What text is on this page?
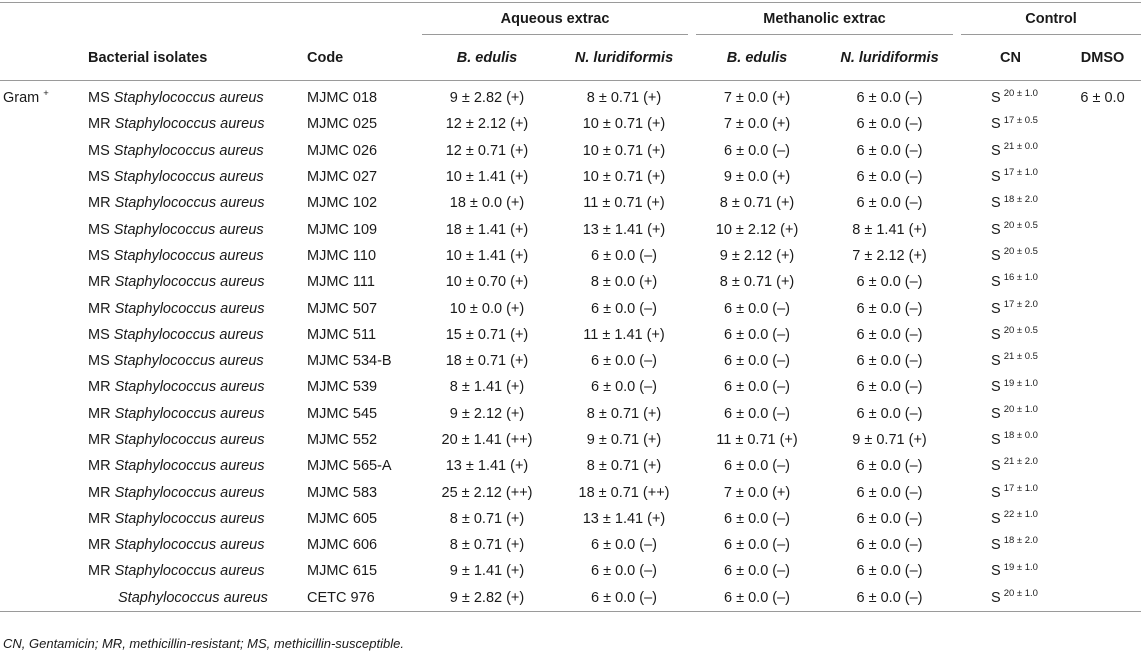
			Aqueous extrac		Methanolic extrac		Control	

	Bacterial isolates	Code	B. edulis	N. luridiformis	B. edulis	N. luridiformis	CN	DMSO
Gram +	MS Staphylococcus aureus	MJMC 018	9 ± 2.82 (+)	8 ± 0.71 (+)	7 ± 0.0 (+)	6 ± 0.0 (–)	S $^{20 \pm 1.0}$	6 ± 0.0
	MR Staphylococcus aureus	MJMC 025	12 ± 2.12 (+)	10 ± 0.71 (+)	7 ± 0.0 (+)	6 ± 0.0 (–)	S $^{17 \pm 0.5}$	
	MS Staphylococcus aureus	MJMC 026	12 ± 0.71 (+)	10 ± 0.71 (+)	6 ± 0.0 (–)	6 ± 0.0 (–)	S $^{21 \pm 0.0}$	
	MS Staphylococcus aureus	MJMC 027	10 ± 1.41 (+)	10 ± 0.71 (+)	9 ± 0.0 (+)	6 ± 0.0 (–)	S $^{17 \pm 1.0}$	
	MR Staphylococcus aureus	MJMC 102	18 ± 0.0 (+)	11 ± 0.71 (+)	8 ± 0.71 (+)	6 ± 0.0 (–)	S $^{18 \pm 2.0}$	
	MS Staphylococcus aureus	MJMC 109	18 ± 1.41 (+)	13 ± 1.41 (+)	10 ± 2.12 (+)	8 ± 1.41 (+)	S $^{20 \pm 0.5}$	
	MS Staphylococcus aureus	MJMC 110	10 ± 1.41 (+)	6 ± 0.0 (–)	9 ± 2.12 (+)	7 ± 2.12 (+)	S $^{20 \pm 0.5}$	
	MR Staphylococcus aureus	MJMC 111	10 ± 0.70 (+)	8 ± 0.0 (+)	8 ± 0.71 (+)	6 ± 0.0 (–)	S $^{16 \pm 1.0}$	
	MR Staphylococcus aureus	MJMC 507	10 ± 0.0 (+)	6 ± 0.0 (–)	6 ± 0.0 (–)	6 ± 0.0 (–)	S $^{17 \pm 2.0}$	
	MS Staphylococcus aureus	MJMC 511	15 ± 0.71 (+)	11 ± 1.41 (+)	6 ± 0.0 (–)	6 ± 0.0 (–)	S $^{20 \pm 0.5}$	
	MS Staphylococcus aureus	MJMC 534-B	18 ± 0.71 (+)	6 ± 0.0 (–)	6 ± 0.0 (–)	6 ± 0.0 (–)	S $^{21 \pm 0.5}$	
	MR Staphylococcus aureus	MJMC 539	8 ± 1.41 (+)	6 ± 0.0 (–)	6 ± 0.0 (–)	6 ± 0.0 (–)	S $^{19 \pm 1.0}$	
	MR Staphylococcus aureus	MJMC 545	9 ± 2.12 (+)	8 ± 0.71 (+)	6 ± 0.0 (–)	6 ± 0.0 (–)	S $^{20 \pm 1.0}$	
	MR Staphylococcus aureus	MJMC 552	20 ± 1.41 (++)	9 ± 0.71 (+)	11 ± 0.71 (+)	9 ± 0.71 (+)	S $^{18 \pm 0.0}$	
	MR Staphylococcus aureus	MJMC 565-A	13 ± 1.41 (+)	8 ± 0.71 (+)	6 ± 0.0 (–)	6 ± 0.0 (–)	S $^{21 \pm 2.0}$	
	MR Staphylococcus aureus	MJMC 583	25 ± 2.12 (++)	18 ± 0.71 (++)	7 ± 0.0 (+)	6 ± 0.0 (–)	S $^{17 \pm 1.0}$	
	MR Staphylococcus aureus	MJMC 605	8 ± 0.71 (+)	13 ± 1.41 (+)	6 ± 0.0 (–)	6 ± 0.0 (–)	S $^{22 \pm 1.0}$	
	MR Staphylococcus aureus	MJMC 606	8 ± 0.71 (+)	6 ± 0.0 (–)	6 ± 0.0 (–)	6 ± 0.0 (–)	S $^{18 \pm 2.0}$	
	MR Staphylococcus aureus	MJMC 615	9 ± 1.41 (+)	6 ± 0.0 (–)	6 ± 0.0 (–)	6 ± 0.0 (–)	S $^{19 \pm 1.0}$	
	Staphylococcus aureus	CETC 976	9 ± 2.82 (+)	6 ± 0.0 (–)	6 ± 0.0 (–)	6 ± 0.0 (–)	S $^{20 \pm 1.0}$	
CN, Gentamicin; MR, methicillin-resistant; MS, methicillin-susceptible.
